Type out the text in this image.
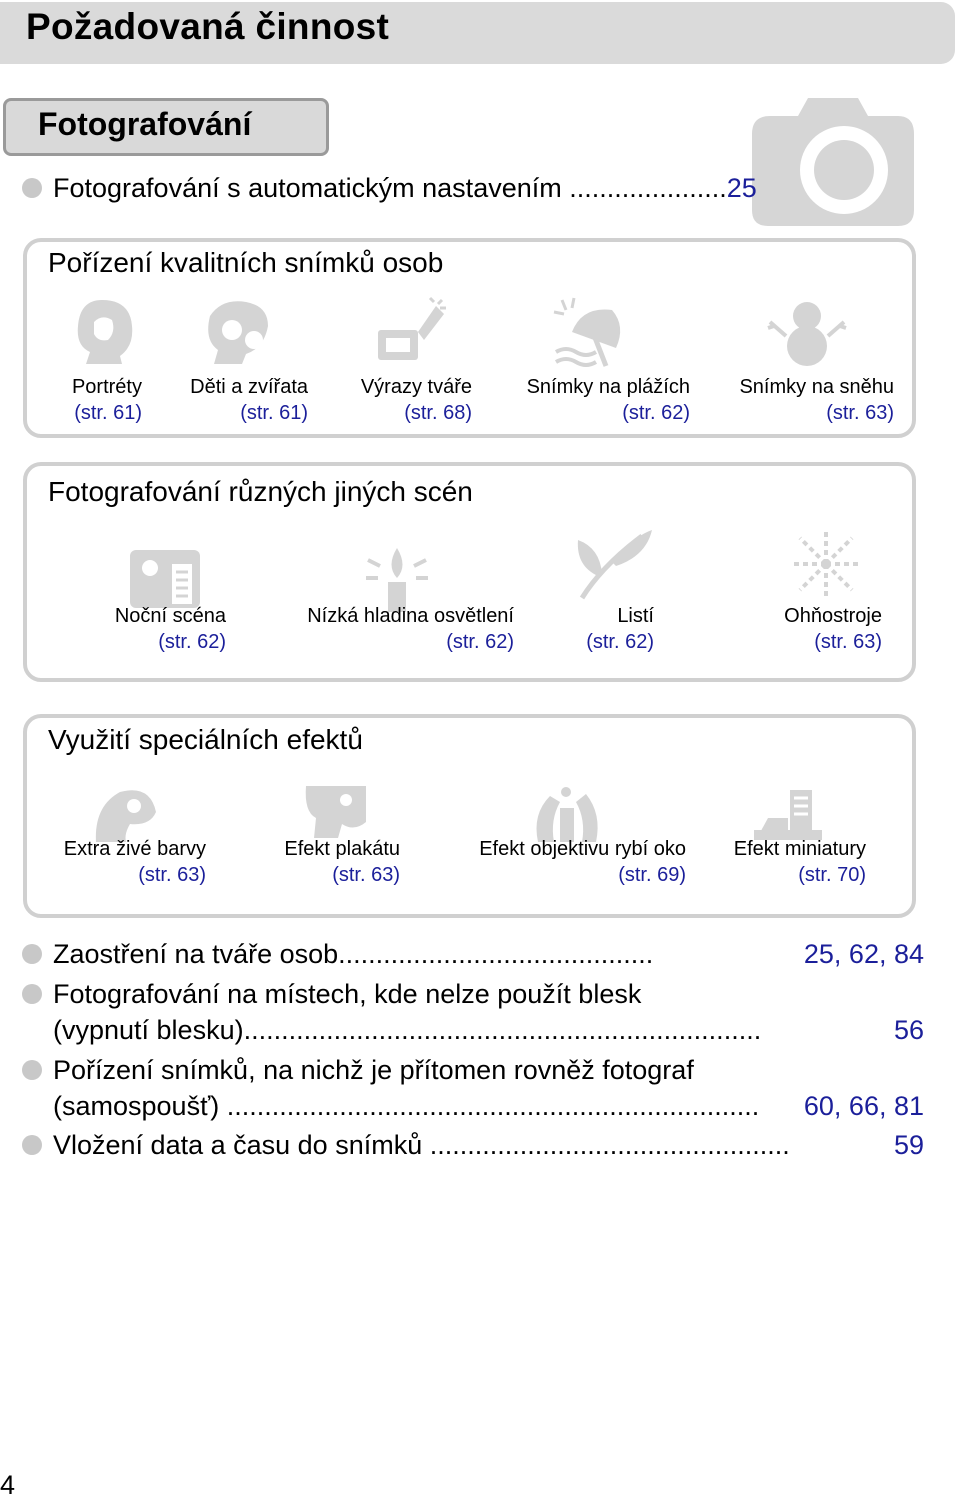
Požadovaná činnost
Fotografování
Fotografování s automatickým nastavením .....................25
Pořízení kvalitních snímků osob
Portréty
(str. 61)
Děti a zvířata
(str. 61)
Výrazy tváře
(str. 68)
Snímky na plážích
(str. 62)
Snímky na sněhu
(str. 63)
Fotografování různých jiných scén
Noční scéna
(str. 62)
Nízká hladina osvětlení
(str. 62)
Listí
(str. 62)
Ohňostroje
(str. 63)
Využití speciálních efektů
Extra živé barvy
(str. 63)
Efekt plakátu
(str. 63)
Efekt objektivu rybí oko
(str. 69)
Efekt miniatury
(str. 70)
Zaostření na tváře osob..........................................	25, 62, 84
Fotografování na místech, kde nelze použít blesk
(vypnutí blesku).....................................................................	56
Pořízení snímků, na nichž je přítomen rovněž fotograf
(samospoušť) ....................................................................... 60, 66, 81
Vložení data a času do snímků ................................................	59
4
